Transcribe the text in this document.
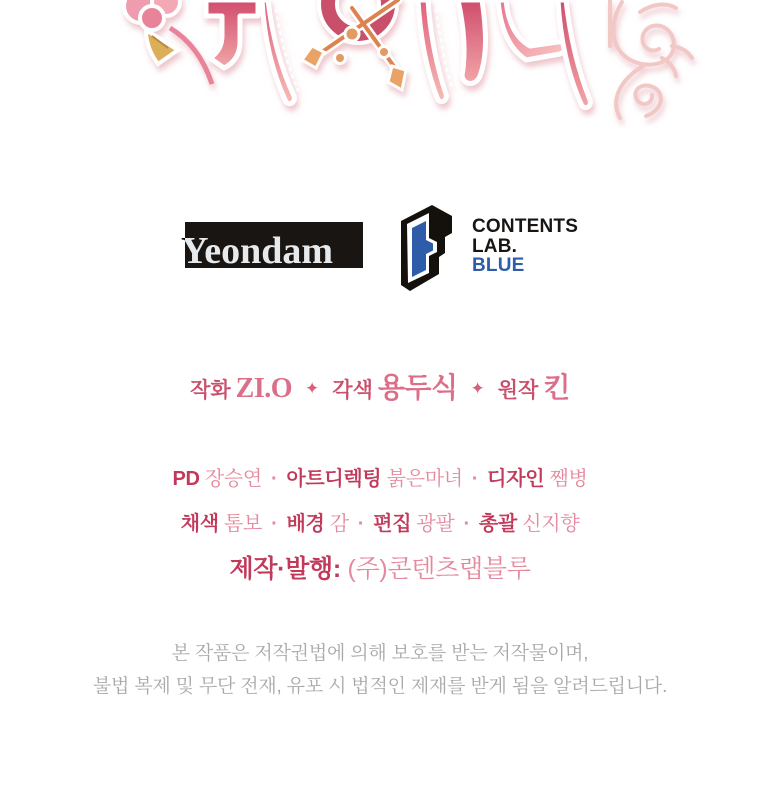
Yeondam
CONTENTS
LAB.
BLUE
작화 ZI.O ✦ 각색 용두식 ✦ 원작 킨
PD 장승연 · 아트디렉팅 붉은마녀 · 디자인 쨈병
채색 톰보 · 배경 감 · 편집 광팔 · 총괄 신지향
제작·발행: (주)콘텐츠랩블루
본 작품은 저작권법에 의해 보호를 받는 저작물이며,
불법 복제 및 무단 전재, 유포 시 법적인 제재를 받게 됨을 알려드립니다.
